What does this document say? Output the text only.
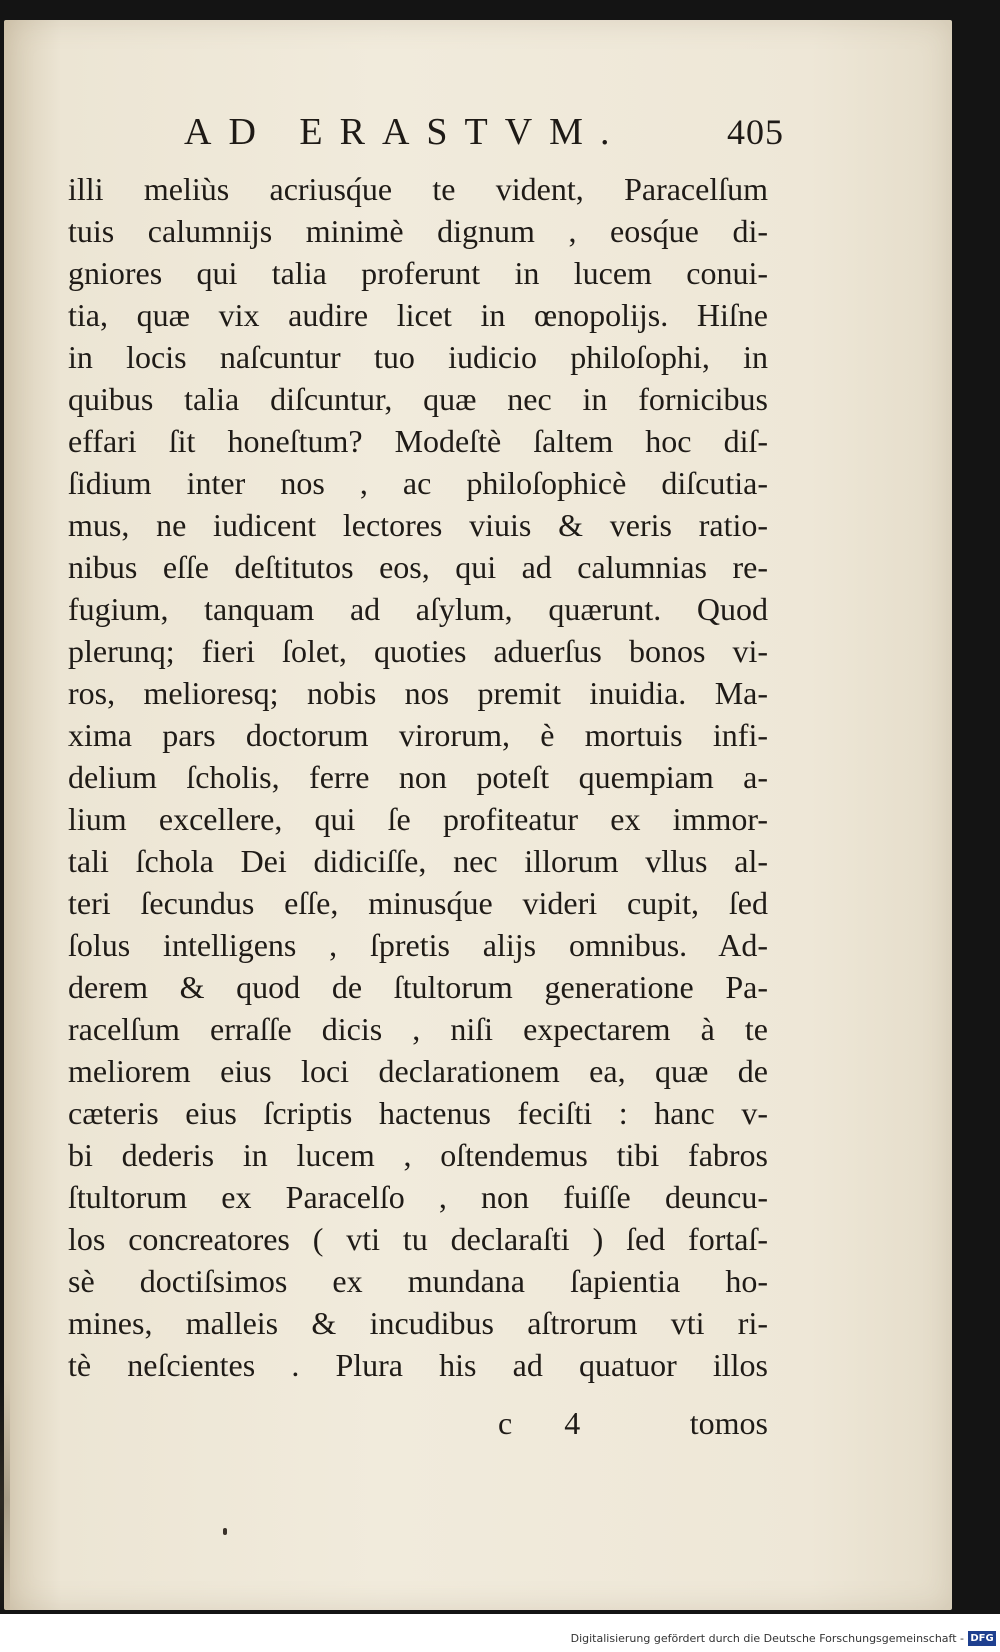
AD ERASTVM.	405
illi meliùs acriusq́ue te vident, Paracelſum
tuis calumnijs minimè dignum , eosq́ue di-
gniores qui talia proferunt in lucem conui-
tia, quæ vix audire licet in œnopolijs. Hiſne
in locis naſcuntur tuo iudicio philoſophi, in
quibus talia diſcuntur, quæ nec in fornicibus
effari ſit honeſtum? Modeſtè ſaltem hoc diſ-
ſidium inter nos , ac philoſophicè diſcutia-
mus, ne iudicent lectores viuis & veris ratio-
nibus eſſe deſtitutos eos, qui ad calumnias re-
fugium, tanquam ad aſylum, quærunt. Quod
plerunq; fieri ſolet, quoties aduerſus bonos vi-
ros, melioresq; nobis nos premit inuidia. Ma-
xima pars doctorum virorum, è mortuis infi-
delium ſcholis, ferre non poteſt quempiam a-
lium excellere, qui ſe profiteatur ex immor-
tali ſchola Dei didiciſſe, nec illorum vllus al-
teri ſecundus eſſe, minusq́ue videri cupit, ſed
ſolus intelligens , ſpretis alijs omnibus. Ad-
derem & quod de ſtultorum generatione Pa-
racelſum erraſſe dicis , niſi expectarem à te
meliorem eius loci declarationem ea, quæ de
cæteris eius ſcriptis hactenus feciſti : hanc v-
bi dederis in lucem , oſtendemus tibi fabros
ſtultorum ex Paracelſo , non fuiſſe deuncu-
los concreatores ( vti tu declaraſti ) ſed fortaſ-
sè doctiſsimos ex mundana ſapientia ho-
mines, malleis & incudibus aſtrorum vti ri-
tè neſcientes . Plura his ad quatuor illos
c 4	tomos
Digitalisierung gefördert durch die Deutsche Forschungsgemeinschaft - DFG
